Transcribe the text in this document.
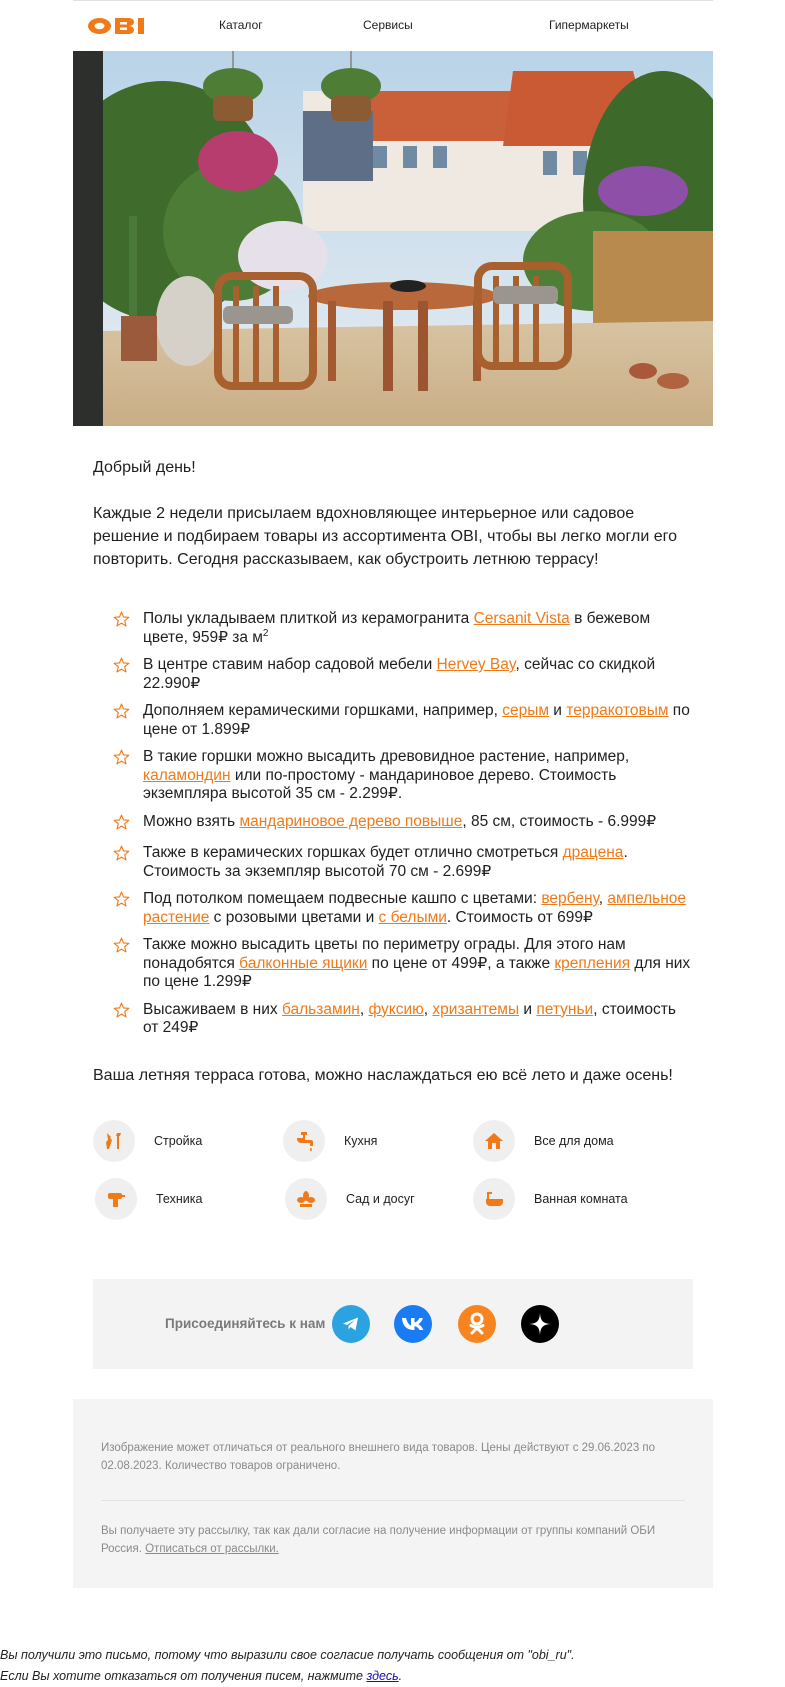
Каталог	Сервисы	Гипермаркеты

Добрый день!

Каждые 2 недели присылаем вдохновляющее интерьерное или садовое решение и подбираем товары из ассортимента OBI, чтобы вы легко могли его повторить. Сегодня рассказываем, как обустроить летнюю террасу!

Полы укладываем плиткой из керамогранита Cersanit Vista в бежевом цвете, 959₽ за $м^2$
В центре ставим набор садовой мебели Hervey Bay, сейчас со скидкой 22.990₽
Дополняем керамическими горшками, например, серым и терракотовым по цене от 1.899₽
В такие горшки можно высадить древовидное растение, например, каламондин или по-простому - мандариновое дерево. Стоимость экземпляра высотой 35 см - 2.299₽.
Можно взять мандариновое дерево повыше, 85 см, стоимость - 6.999₽
Также в керамических горшках будет отлично смотреться драцена. Стоимость за экземпляр высотой 70 см - 2.699₽
Под потолком помещаем подвесные кашпо с цветами: вербену, ампельное растение с розовыми цветами и с белыми. Стоимость от 699₽
Также можно высадить цветы по периметру ограды. Для этого нам понадобятся балконные ящики по цене от 499₽, а также крепления для них по цене 1.299₽
Высаживаем в них бальзамин, фуксию, хризантемы и петуньи, стоимость от 249₽

Ваша летняя терраса готова, можно наслаждаться ею всё лето и даже осень!

Стройка	Кухня	Все для дома
Техника	Сад и досуг	Ванная комната
Присоединяйтесь к нам

Изображение может отличаться от реального внешнего вида товаров. Цены действуют с 29.06.2023 по 02.08.2023. Количество товаров ограничено.

Вы получаете эту рассылку, так как дали согласие на получение информации от группы компаний ОБИ Россия. Отписаться от рассылки.

Вы получили это письмо, потому что выразили свое согласие получать сообщения от "obi_ru".
Если Вы хотите отказаться от получения писем, нажмите здесь.
